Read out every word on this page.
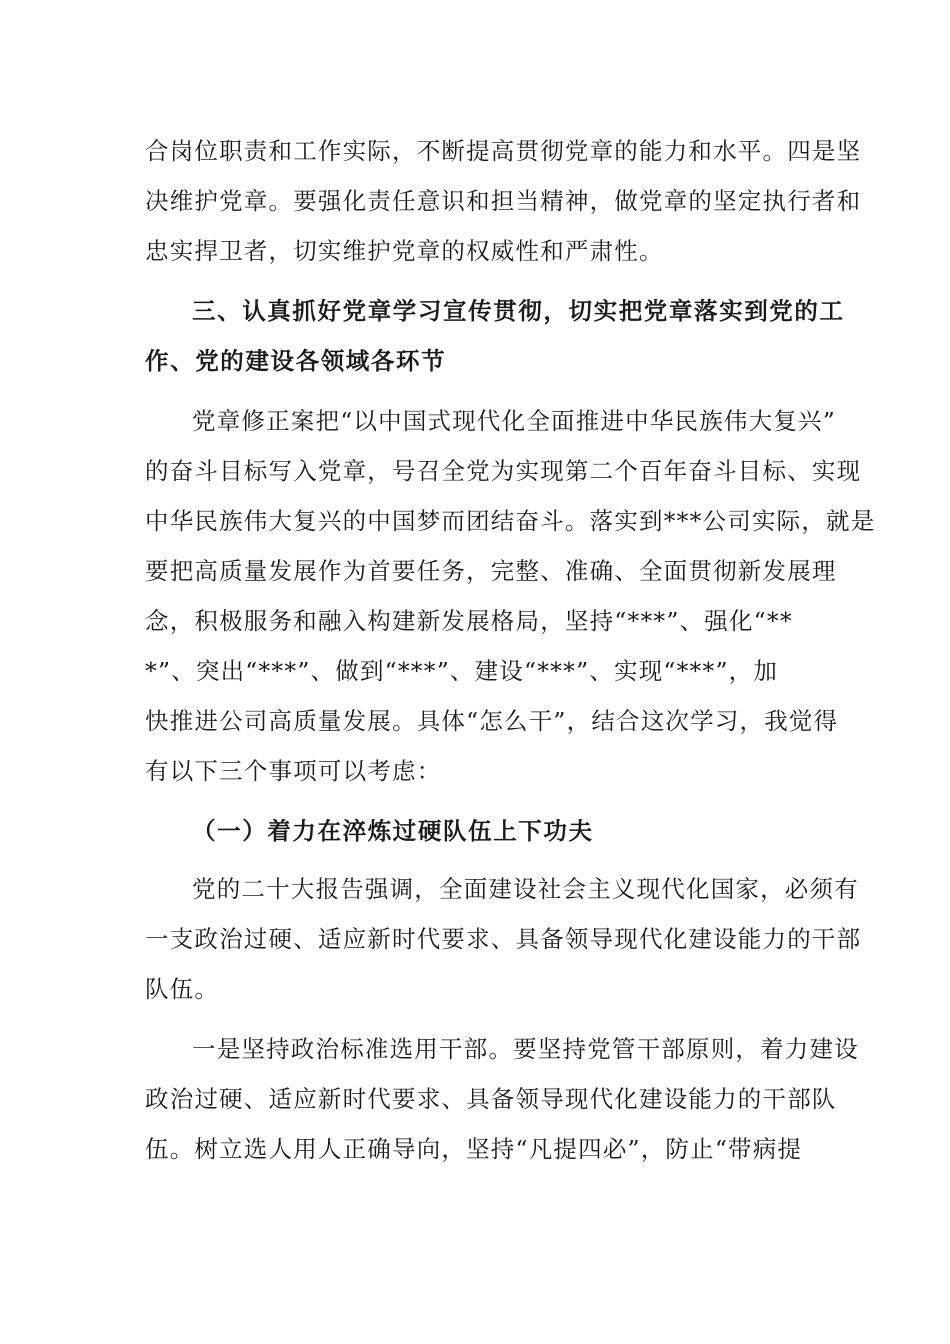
合岗位职责和工作实际，不断提高贯彻党章的能力和水平。四是坚
决维护党章。要强化责任意识和担当精神，做党章的坚定执行者和
忠实捍卫者，切实维护党章的权威性和严肃性。
三、认真抓好党章学习宣传贯彻，切实把党章落实到党的工
作、党的建设各领域各环节
党章修正案把“以中国式现代化全面推进中华民族伟大复兴”
的奋斗目标写入党章，号召全党为实现第二个百年奋斗目标、实现
中华民族伟大复兴的中国梦而团结奋斗。落实到***公司实际，就是
要把高质量发展作为首要任务，完整、准确、全面贯彻新发展理
念，积极服务和融入构建新发展格局，坚持“***”、强化“**
*”、突出“***”、做到“***”、建设“***”、实现“***”，加
快推进公司高质量发展。具体“怎么干”，结合这次学习，我觉得
有以下三个事项可以考虑：
（一）着力在淬炼过硬队伍上下功夫
党的二十大报告强调，全面建设社会主义现代化国家，必须有
一支政治过硬、适应新时代要求、具备领导现代化建设能力的干部
队伍。
一是坚持政治标准选用干部。要坚持党管干部原则，着力建设
政治过硬、适应新时代要求、具备领导现代化建设能力的干部队
伍。树立选人用人正确导向，坚持“凡提四必”，防止“带病提
